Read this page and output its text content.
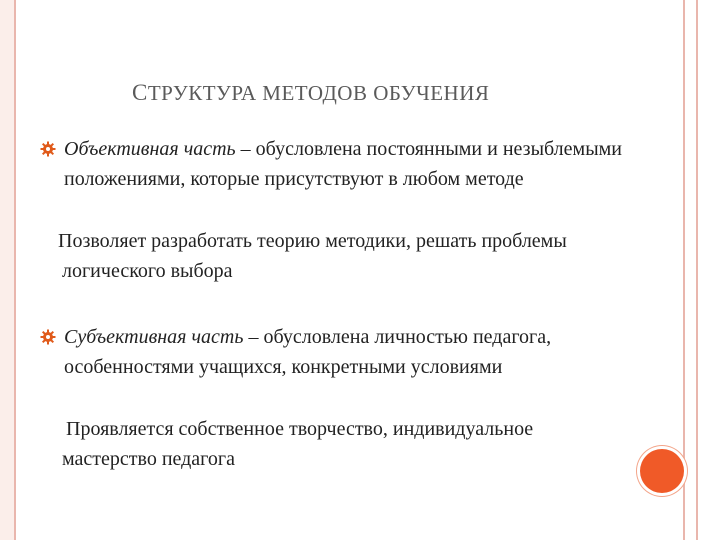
СТРУКТУРА МЕТОДОВ ОБУЧЕНИЯ
Объективная часть – обусловлена постоянными и незыблемыми положениями, которые присутствуют в любом методе
Позволяет разработать теорию методики, решать проблемы логического выбора
Субъективная часть – обусловлена личностью педагога, особенностями учащихся, конкретными условиями
Проявляется собственное творчество, индивидуальное мастерство педагога
